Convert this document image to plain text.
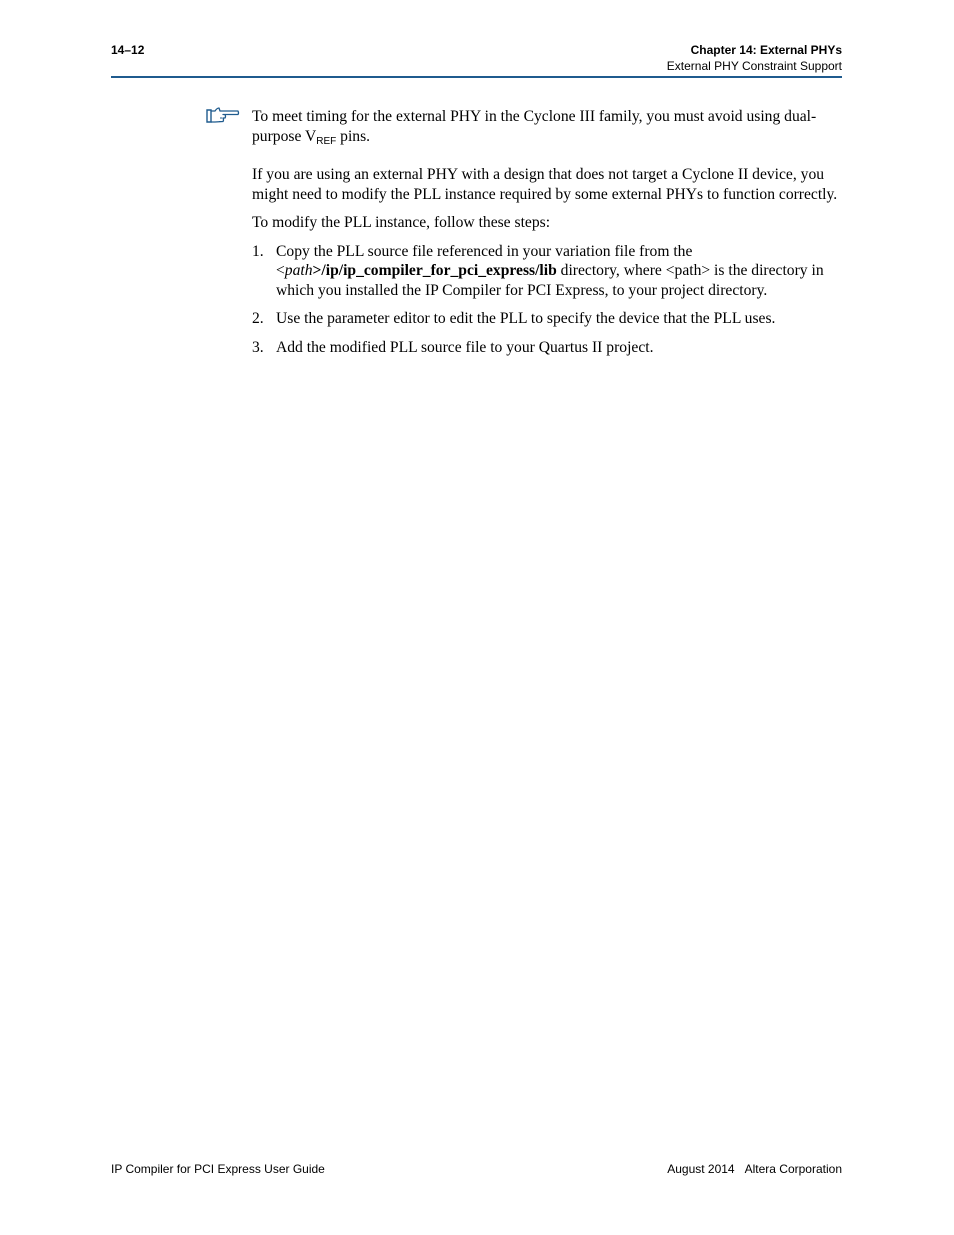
14–12	Chapter 14: External PHYs
External PHY Constraint Support

To meet timing for the external PHY in the Cyclone III family, you must avoid using dual-purpose $V_{REF}$ pins.

If you are using an external PHY with a design that does not target a Cyclone II device, you might need to modify the PLL instance required by some external PHYs to function correctly.

To modify the PLL instance, follow these steps:

1. Copy the PLL source file referenced in your variation file from the <path>/ip/ip_compiler_for_pci_express/lib directory, where <path> is the directory in which you installed the IP Compiler for PCI Express, to your project directory.
2. Use the parameter editor to edit the PLL to specify the device that the PLL uses.
3. Add the modified PLL source file to your Quartus II project.
IP Compiler for PCI Express User Guide	August 2014 Altera Corporation
